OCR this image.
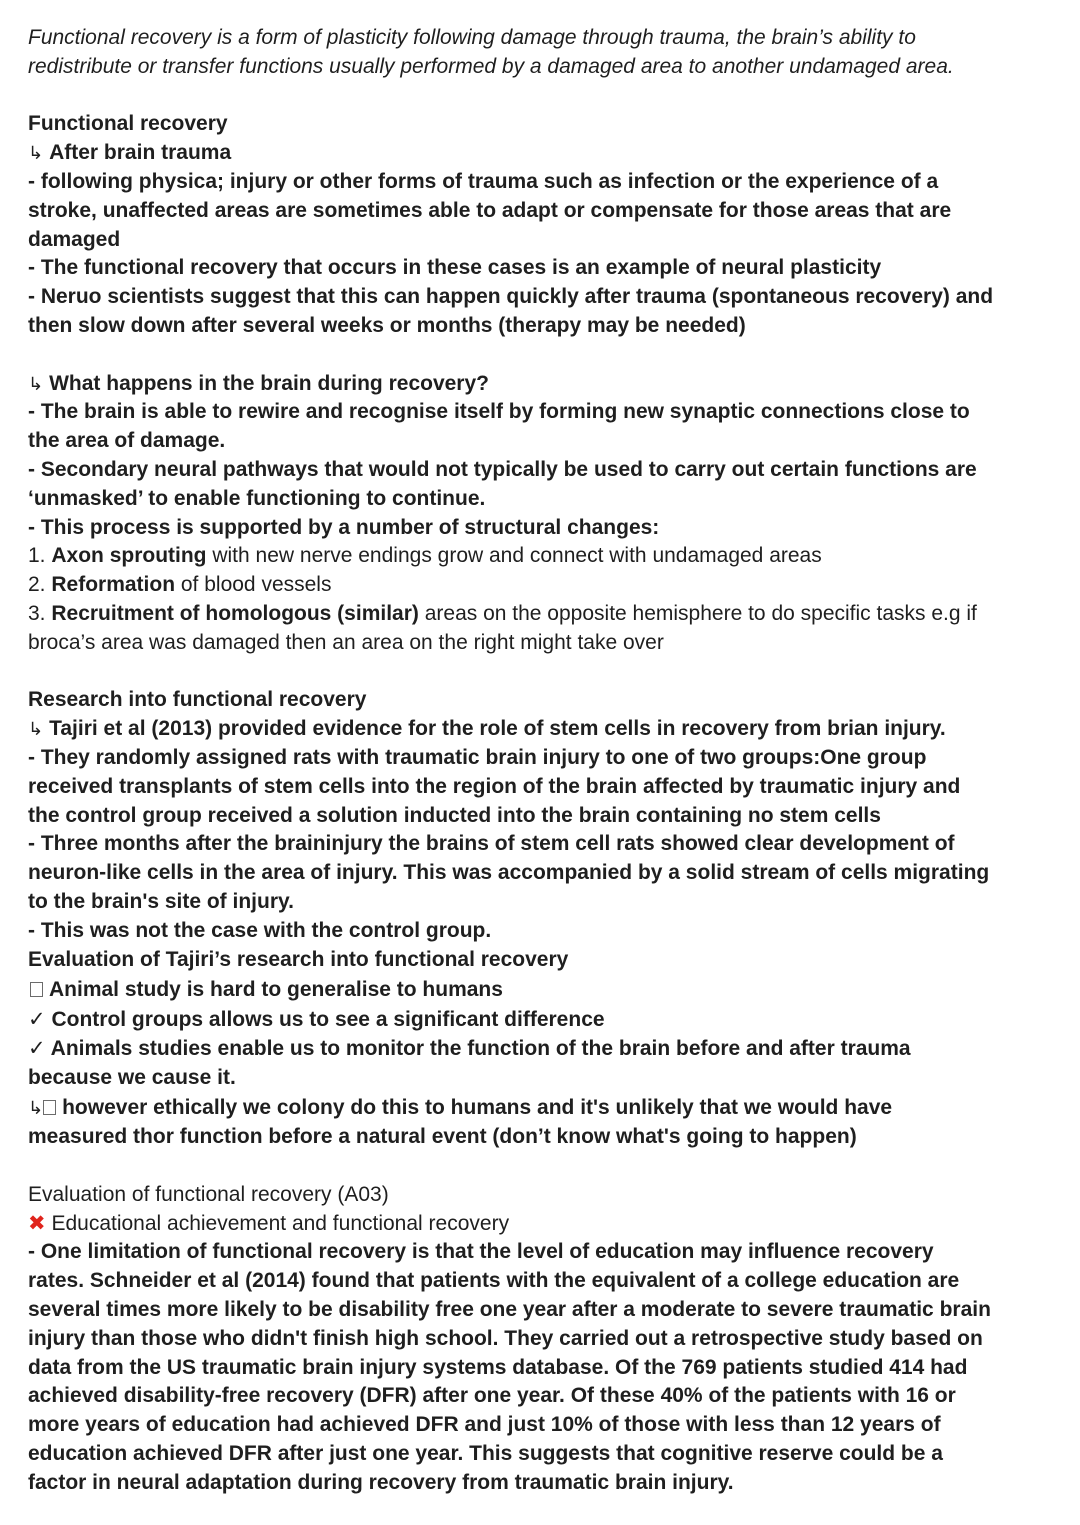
Functional recovery is a form of plasticity following damage through trauma, the brain’s ability to

redistribute or transfer functions usually performed by a damaged area to another undamaged area.

Functional recovery

↳ After brain trauma

- following physica; injury or other forms of trauma such as infection or the experience of a

stroke, unaffected areas are sometimes able to adapt or compensate for those areas that are

damaged

- The functional recovery that occurs in these cases is an example of neural plasticity

- Neruo scientists suggest that this can happen quickly after trauma (spontaneous recovery) and

then slow down after several weeks or months (therapy may be needed)

↳ What happens in the brain during recovery?

- The brain is able to rewire and recognise itself by forming new synaptic connections close to

the area of damage.

- Secondary neural pathways that would not typically be used to carry out certain functions are

‘unmasked’ to enable functioning to continue.

- This process is supported by a number of structural changes:

1. Axon sprouting with new nerve endings grow and connect with undamaged areas

2. Reformation of blood vessels

3. Recruitment of homologous (similar) areas on the opposite hemisphere to do specific tasks e.g if

broca’s area was damaged then an area on the right might take over

Research into functional recovery

↳ Tajiri et al (2013) provided evidence for the role of stem cells in recovery from brian injury.

- They randomly assigned rats with traumatic brain injury to one of two groups:One group

received transplants of stem cells into the region of the brain affected by traumatic injury and

the control group received a solution inducted into the brain containing no stem cells

- Three months after the braininjury the brains of stem cell rats showed clear development of

neuron-like cells in the area of injury. This was accompanied by a solid stream of cells migrating

to the brain's site of injury.

- This was not the case with the control group.

Evaluation of Tajiri’s research into functional recovery

Animal study is hard to generalise to humans

✓ Control groups allows us to see a significant difference

✓ Animals studies enable us to monitor the function of the brain before and after trauma

because we cause it.

↳ however ethically we colony do this to humans and it's unlikely that we would have

measured thor function before a natural event (don’t know what's going to happen)

Evaluation of functional recovery (A03)

✖ Educational achievement and functional recovery

- One limitation of functional recovery is that the level of education may influence recovery

rates. Schneider et al (2014) found that patients with the equivalent of a college education are

several times more likely to be disability free one year after a moderate to severe traumatic brain

injury than those who didn't finish high school. They carried out a retrospective study based on

data from the US traumatic brain injury systems database. Of the 769 patients studied 414 had

achieved disability-free recovery (DFR) after one year. Of these 40% of the patients with 16 or

more years of education had achieved DFR and just 10% of those with less than 12 years of

education achieved DFR after just one year. This suggests that cognitive reserve could be a

factor in neural adaptation during recovery from traumatic brain injury.
